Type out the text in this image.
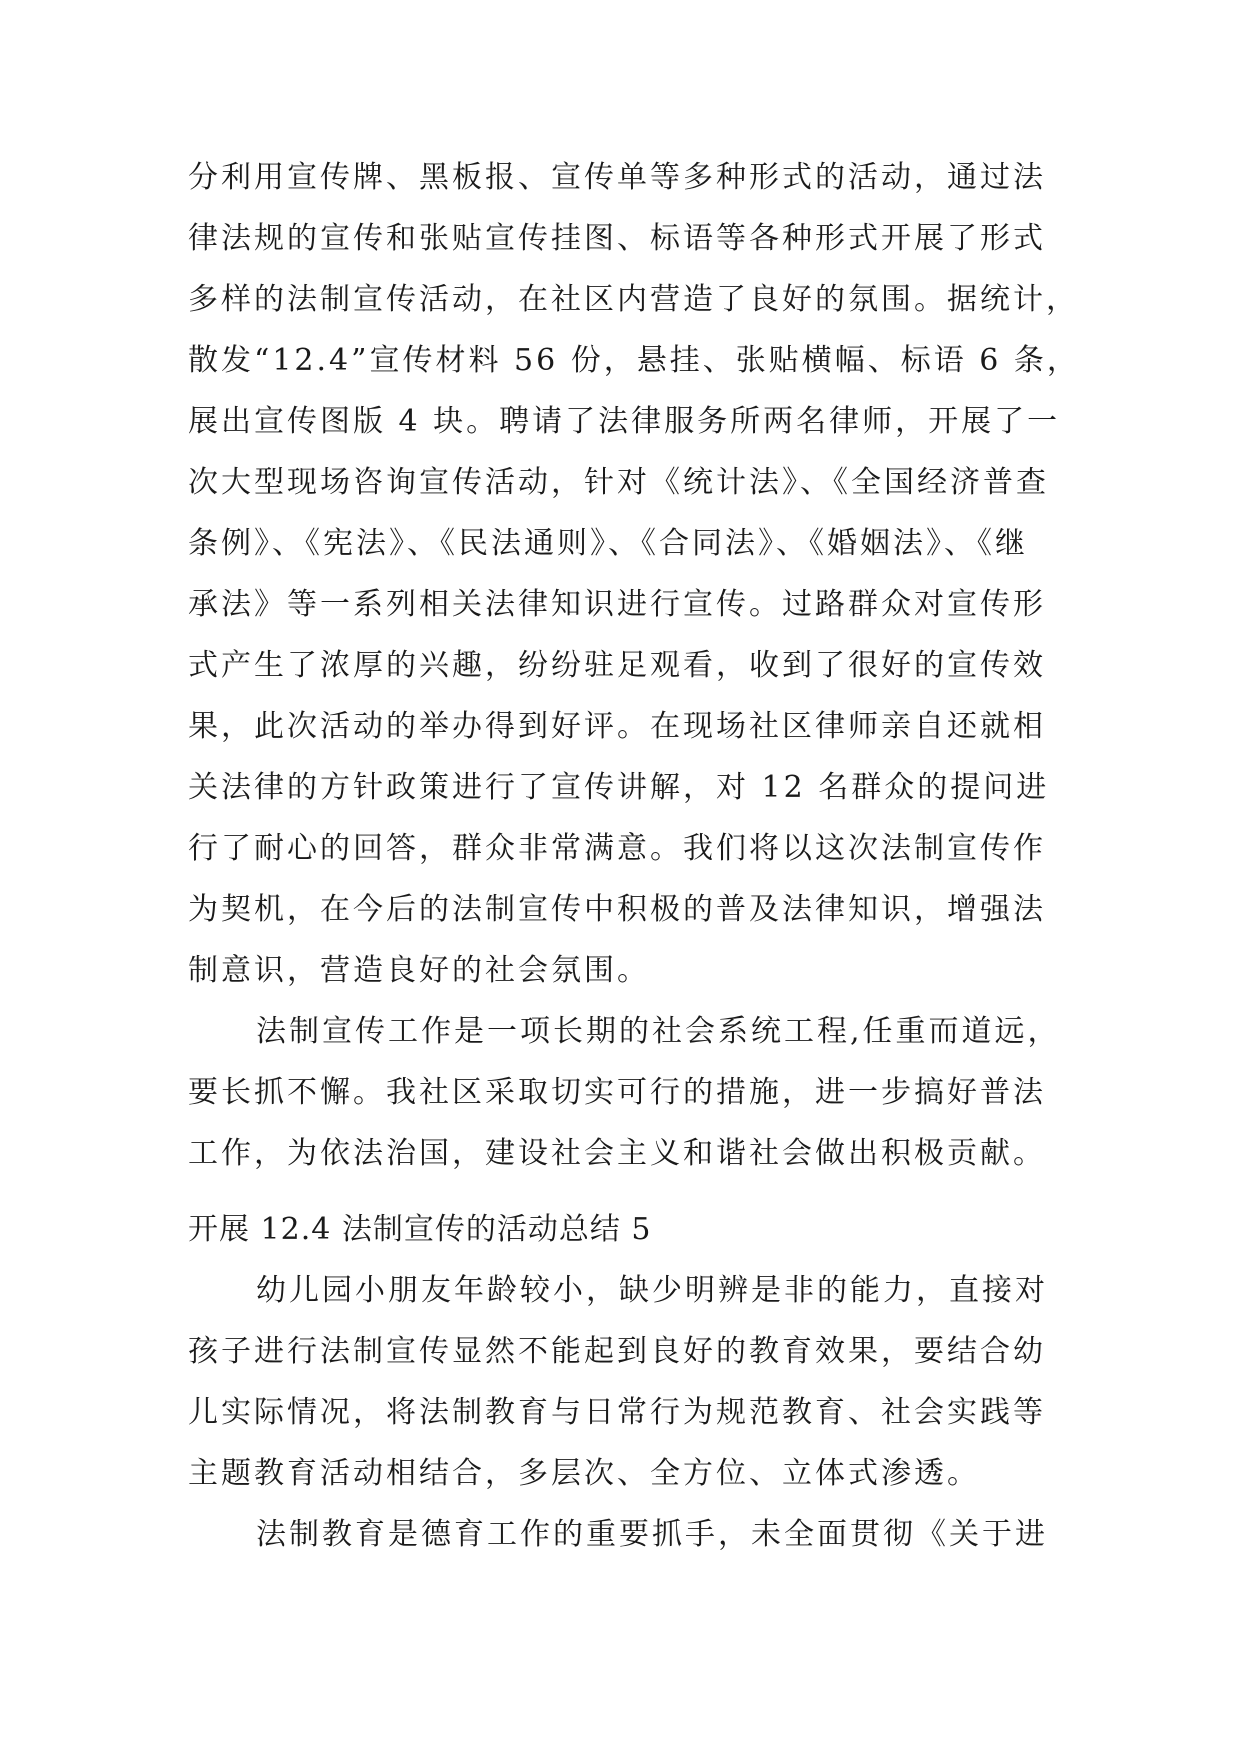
分利用宣传牌、黑板报、宣传单等多种形式的活动，通过法
律法规的宣传和张贴宣传挂图、标语等各种形式开展了形式
多样的法制宣传活动，在社区内营造了良好的氛围。据统计，
散发“12.4”宣传材料 56 份，悬挂、张贴横幅、标语 6 条，
展出宣传图版 4 块。聘请了法律服务所两名律师，开展了一
次大型现场咨询宣传活动，针对《统计法》、《全国经济普查
条例》、《宪法》、《民法通则》、《合同法》、《婚姻法》、《继
承法》等一系列相关法律知识进行宣传。过路群众对宣传形
式产生了浓厚的兴趣，纷纷驻足观看，收到了很好的宣传效
果，此次活动的举办得到好评。在现场社区律师亲自还就相
关法律的方针政策进行了宣传讲解，对 12 名群众的提问进
行了耐心的回答，群众非常满意。我们将以这次法制宣传作
为契机，在今后的法制宣传中积极的普及法律知识，增强法
制意识，营造良好的社会氛围。
法制宣传工作是一项长期的社会系统工程,任重而道远，
要长抓不懈。我社区采取切实可行的措施，进一步搞好普法
工作，为依法治国，建设社会主义和谐社会做出积极贡献。
开展 12.4 法制宣传的活动总结 5
幼儿园小朋友年龄较小，缺少明辨是非的能力，直接对
孩子进行法制宣传显然不能起到良好的教育效果，要结合幼
儿实际情况，将法制教育与日常行为规范教育、社会实践等
主题教育活动相结合，多层次、全方位、立体式渗透。
法制教育是德育工作的重要抓手，未全面贯彻《关于进
